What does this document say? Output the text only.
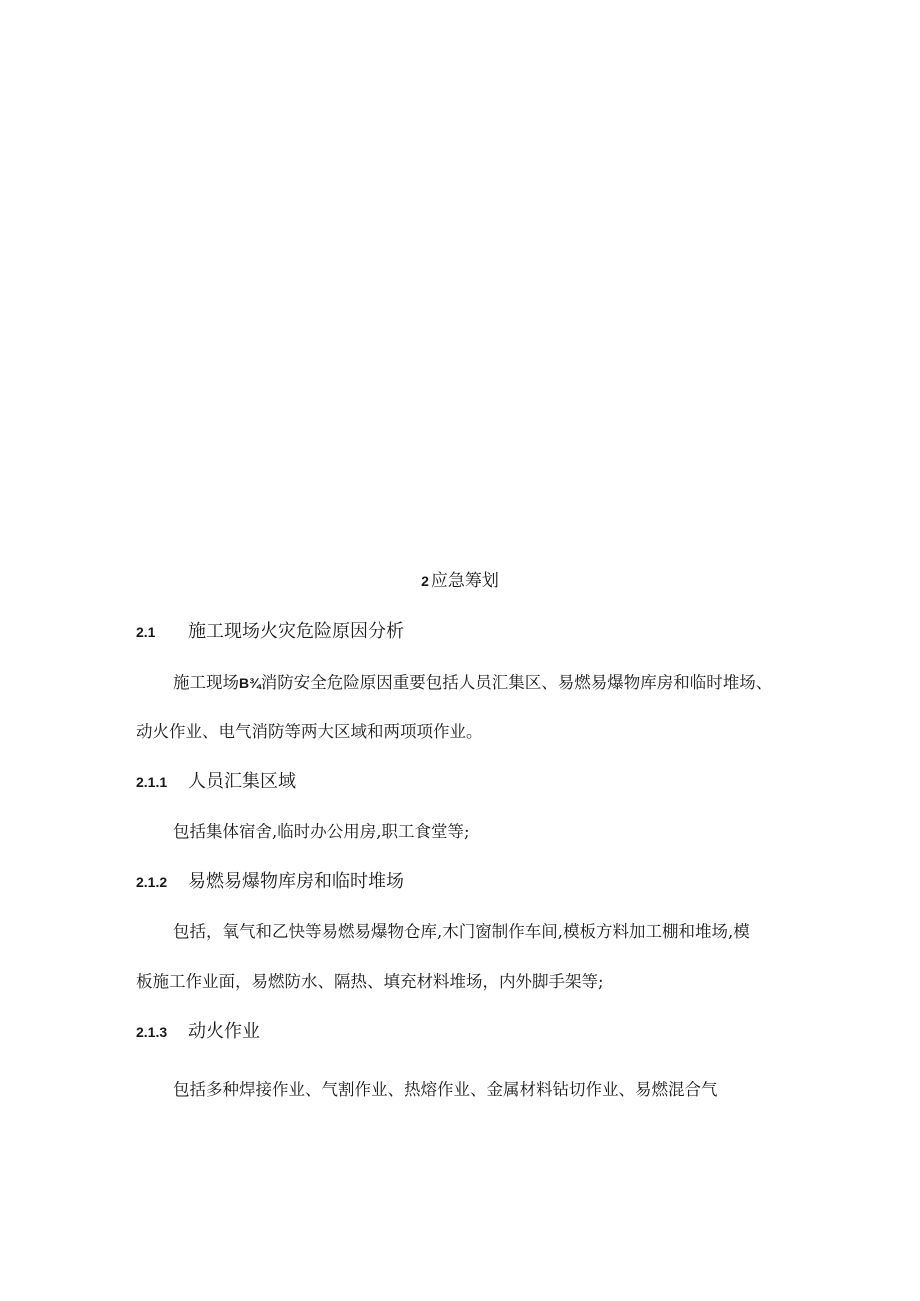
2 应急筹划
2.1 施工现场火灾危险原因分析
施工现场B¾消防安全危险原因重要包括人员汇集区、易燃易爆物库房和临时堆场、
动火作业、电气消防等两大区域和两项项作业。
2.1.1 人员汇集区域
包括集体宿舍,临时办公用房,职工食堂等;
2.1.2 易燃易爆物库房和临时堆场
包括，氧气和乙快等易燃易爆物仓库,木门窗制作车间,模板方料加工棚和堆场,模
板施工作业面，易燃防水、隔热、填充材料堆场，内外脚手架等;
2.1.3 动火作业
包括多种焊接作业、气割作业、热熔作业、金属材料钻切作业、易燃混合气
